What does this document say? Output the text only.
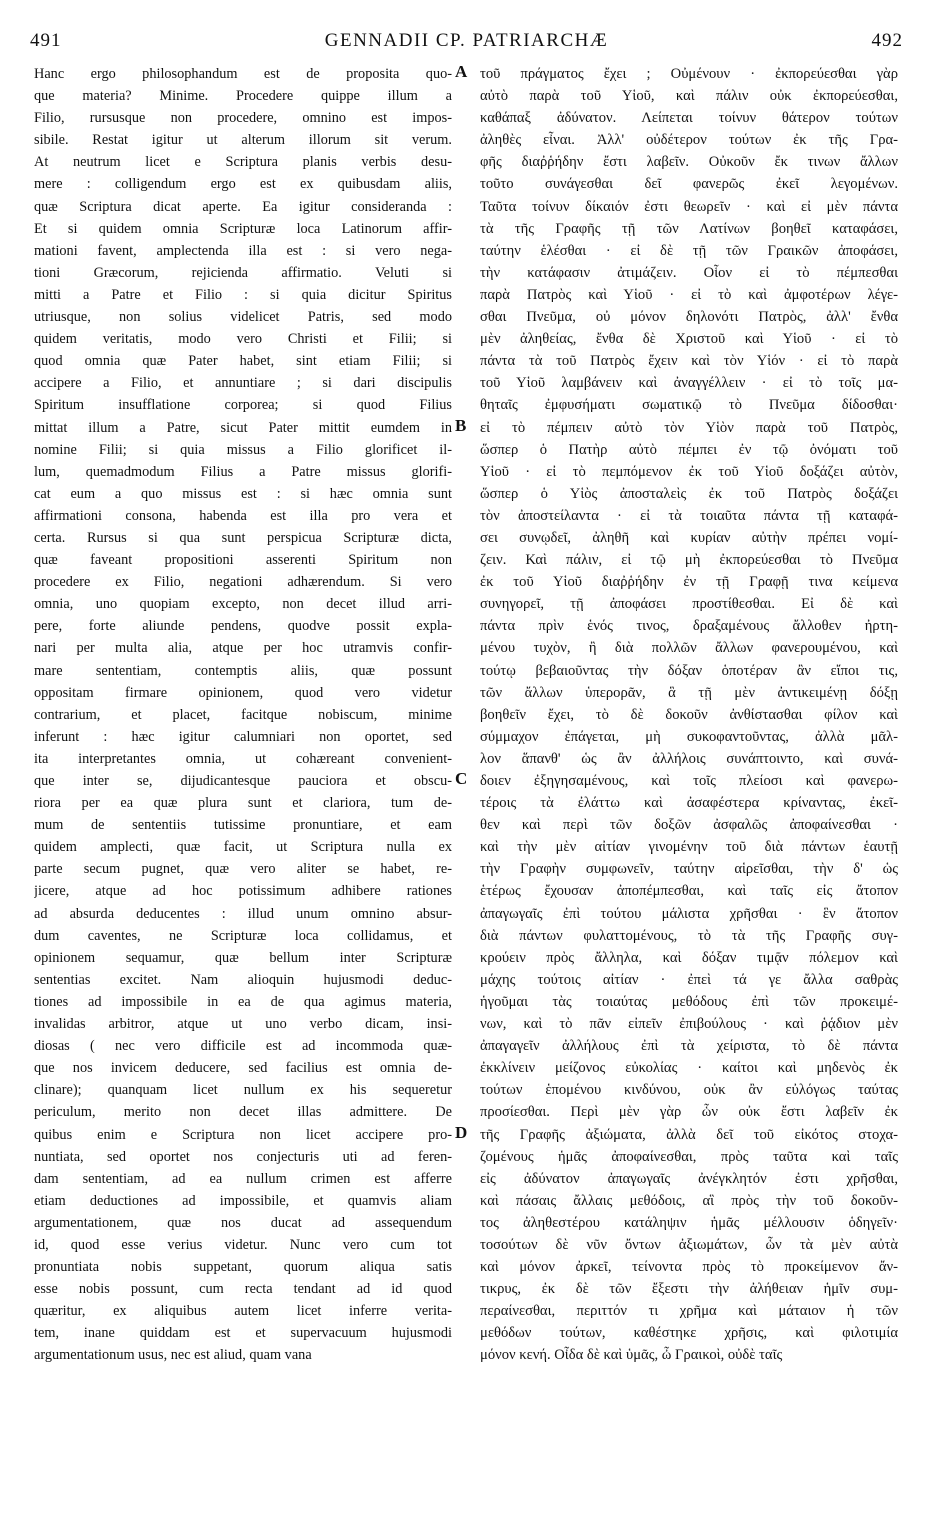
491	GENNADII CP. PATRIARCHÆ	492
Hanc ergo philosophandum est de proposita quo-
que materia? Minime. Procedere quippe illum a
Filio, rursusque non procedere, omnino est impos-
sibile. Restat igitur ut alterum illorum sit verum.
At neutrum licet e Scriptura planis verbis desu-
mere : colligendum ergo est ex quibusdam aliis,
quæ Scriptura dicat aperte. Ea igitur consideranda :
Et si quidem omnia Scripturæ loca Latinorum affir-
mationi favent, amplectenda illa est : si vero nega-
tioni Græcorum, rejicienda affirmatio. Veluti si
mitti a Patre et Filio : si quia dicitur Spiritus
utriusque, non solius videlicet Patris, sed modo
quidem veritatis, modo vero Christi et Filii; si
quod omnia quæ Pater habet, sint etiam Filii; si
accipere a Filio, et annuntiare ; si dari discipulis
Spiritum insufflatione corporea; si quod Filius
mittat illum a Patre, sicut Pater mittit eumdem in
nomine Filii; si quia missus a Filio glorificet il-
lum, quemadmodum Filius a Patre missus glorifi-
cat eum a quo missus est : si hæc omnia sunt
affirmationi consona, habenda est illa pro vera et
certa. Rursus si qua sunt perspicua Scripturæ dicta,
quæ faveant propositioni asserenti Spiritum non
procedere ex Filio, negationi adhærendum. Si vero
omnia, uno quopiam excepto, non decet illud arri-
pere, forte aliunde pendens, quodve possit expla-
nari per multa alia, atque per hoc utramvis confir-
mare sententiam, contemptis aliis, quæ possunt
oppositam firmare opinionem, quod vero videtur
contrarium, et placet, facitque nobiscum, minime
inferunt : hæc igitur calumniari non oportet, sed
ita interpretantes omnia, ut cohæreant convenient-
que inter se, dijudicantesque pauciora et obscu-
riora per ea quæ plura sunt et clariora, tum de-
mum de sententiis tutissime pronuntiare, et eam
quidem amplecti, quæ facit, ut Scriptura nulla ex
parte secum pugnet, quæ vero aliter se habet, re-
jicere, atque ad hoc potissimum adhibere rationes
ad absurda deducentes : illud unum omnino absur-
dum caventes, ne Scripturæ loca collidamus, et
opinionem sequamur, quæ bellum inter Scripturæ
sententias excitet. Nam alioquin hujusmodi deduc-
tiones ad impossibile in ea de qua agimus materia,
invalidas arbitror, atque ut uno verbo dicam, insi-
diosas ( nec vero difficile est ad incommoda quæ-
que nos invicem deducere, sed facilius est omnia de-
clinare); quanquam licet nullum ex his sequeretur
periculum, merito non decet illas admittere. De
quibus enim e Scriptura non licet accipere pro-
nuntiata, sed oportet nos conjecturis uti ad feren-
dam sententiam, ad ea nullum crimen est afferre
etiam deductiones ad impossibile, et quamvis aliam
argumentationem, quæ nos ducat ad assequendum
id, quod esse verius videtur. Nunc vero cum tot
pronuntiata nobis suppetant, quorum aliqua satis
esse nobis possunt, cum recta tendant ad id quod
quæritur, ex aliquibus autem licet inferre verita-
tem, inane quiddam est et supervacuum hujusmodi
argumentationum usus, nec est aliud, quam vana
A
B
C
D
τοῦ πράγματος ἔχει ; Οὐμένουν · ἐκπορεύεσθαι γὰρ
αὐτὸ παρὰ τοῦ Υἱοῦ, καὶ πάλιν οὐκ ἐκπορεύεσθαι,
καθάπαξ ἀδύνατον. Λείπεται τοίνυν θάτερον τούτων
ἀληθὲς εἶναι. Ἀλλ' οὐδέτερον τούτων ἐκ τῆς Γρα-
φῆς διαῤῥήδην ἔστι λαβεῖν. Οὐκοῦν ἔκ τινων ἄλλων
τοῦτο συνάγεσθαι δεῖ φανερῶς ἐκεῖ λεγομένων.
Ταῦτα τοίνυν δίκαιόν ἐστι θεωρεῖν · καὶ εἰ μὲν πάντα
τὰ τῆς Γραφῆς τῇ τῶν Λατίνων βοηθεῖ καταφάσει,
ταύτην ἑλέσθαι · εἰ δὲ τῇ τῶν Γραικῶν ἀποφάσει,
τὴν κατάφασιν ἀτιμάζειν. Οἷον εἰ τὸ πέμπεσθαι
παρὰ Πατρὸς καὶ Υἱοῦ · εἰ τὸ καὶ ἀμφοτέρων λέγε-
σθαι Πνεῦμα, οὐ μόνον δηλονότι Πατρὸς, ἀλλ' ἔνθα
μὲν ἀληθείας, ἔνθα δὲ Χριστοῦ καὶ Υἱοῦ · εἰ τὸ
πάντα τὰ τοῦ Πατρὸς ἔχειν καὶ τὸν Υἱόν · εἰ τὸ παρὰ
τοῦ Υἱοῦ λαμβάνειν καὶ ἀναγγέλλειν · εἰ τὸ τοῖς μα-
θηταῖς ἐμφυσήματι σωματικῷ τὸ Πνεῦμα δίδοσθαι·
εἰ τὸ πέμπειν αὐτὸ τὸν Υἱὸν παρὰ τοῦ Πατρὸς,
ὥσπερ ὁ Πατὴρ αὐτὸ πέμπει ἐν τῷ ὀνόματι τοῦ
Υἱοῦ · εἰ τὸ πεμπόμενον ἐκ τοῦ Υἱοῦ δοξάζει αὐτὸν,
ὥσπερ ὁ Υἱὸς ἀποσταλεὶς ἐκ τοῦ Πατρὸς δοξάζει
τὸν ἀποστείλαντα · εἰ τὰ τοιαῦτα πάντα τῇ καταφά-
σει συνῳδεῖ, ἀληθῆ καὶ κυρίαν αὐτὴν πρέπει νομί-
ζειν. Καὶ πάλιν, εἰ τῷ μὴ ἐκπορεύεσθαι τὸ Πνεῦμα
ἐκ τοῦ Υἱοῦ διαῤῥήδην ἐν τῇ Γραφῇ τινα κείμενα
συνηγορεῖ, τῇ ἀποφάσει προστίθεσθαι. Εἰ δὲ καὶ
πάντα πρὶν ἑνός τινος, δραξαμένους ἄλλοθεν ἠρτη-
μένου τυχὸν, ἢ διὰ πολλῶν ἄλλων φανερουμένου, καὶ
τούτῳ βεβαιοῦντας τὴν δόξαν ὁποτέραν ἂν εἴποι τις,
τῶν ἄλλων ὑπερορᾶν, ἃ τῇ μὲν ἀντικειμένῃ δόξῃ
βοηθεῖν ἔχει, τὸ δὲ δοκοῦν ἀνθίστασθαι φίλον καὶ
σύμμαχον ἐπάγεται, μὴ συκοφαντοῦντας, ἀλλὰ μᾶλ-
λον ἅπανθ' ὡς ἂν ἀλλήλοις συνάπτοιντο, καὶ συνά-
δοιεν ἐξηγησαμένους, καὶ τοῖς πλείοσι καὶ φανερω-
τέροις τὰ ἐλάττω καὶ ἀσαφέστερα κρίναντας, ἐκεῖ-
θεν καὶ περὶ τῶν δοξῶν ἀσφαλῶς ἀποφαίνεσθαι ·
καὶ τὴν μὲν αἰτίαν γινομένην τοῦ διὰ πάντων ἑαυτῇ
τὴν Γραφὴν συμφωνεῖν, ταύτην αἱρεῖσθαι, τὴν δ' ὡς
ἑτέρως ἔχουσαν ἀποπέμπεσθαι, καὶ ταῖς εἰς ἄτοπον
ἀπαγωγαῖς ἐπὶ τούτου μάλιστα χρῆσθαι · ἓν ἄτοπον
διὰ πάντων φυλαττομένους, τὸ τὰ τῆς Γραφῆς συγ-
κρούειν πρὸς ἄλληλα, καὶ δόξαν τιμᾷν πόλεμον καὶ
μάχης τούτοις αἰτίαν · ἐπεὶ τά γε ἄλλα σαθρὰς
ἡγοῦμαι τὰς τοιαύτας μεθόδους ἐπὶ τῶν προκειμέ-
νων, καὶ τὸ πᾶν εἰπεῖν ἐπιβούλους · καὶ ῥᾴδιον μὲν
ἀπαγαγεῖν ἀλλήλους ἐπὶ τὰ χείριστα, τὸ δὲ πάντα
ἐκκλίνειν μείζονος εὐκολίας · καίτοι καὶ μηδενὸς ἐκ
τούτων ἑπομένου κινδύνου, οὐκ ἂν εὐλόγως ταύτας
προσίεσθαι. Περὶ μὲν γὰρ ὧν οὐκ ἔστι λαβεῖν ἐκ
τῆς Γραφῆς ἀξιώματα, ἀλλὰ δεῖ τοῦ εἰκότος στοχα-
ζομένους ἡμᾶς ἀποφαίνεσθαι, πρὸς ταῦτα καὶ ταῖς
εἰς ἀδύνατον ἀπαγωγαῖς ἀνέγκλητόν ἐστι χρῆσθαι,
καὶ πάσαις ἄλλαις μεθόδοις, αἳ πρὸς τὴν τοῦ δοκοῦν-
τος ἀληθεστέρου κατάληψιν ἡμᾶς μέλλουσιν ὁδηγεῖν·
τοσούτων δὲ νῦν ὄντων ἀξιωμάτων, ὧν τὰ μὲν αὐτὰ
καὶ μόνον ἀρκεῖ, τείνοντα πρὸς τὸ προκείμενον ἄν-
τικρυς, ἐκ δὲ τῶν ἔξεστι τὴν ἀλήθειαν ἡμῖν συμ-
περαίνεσθαι, περιττόν τι χρῆμα καὶ μάταιον ἡ τῶν
μεθόδων τούτων, καθέστηκε χρῆσις, καὶ φιλοτιμία
μόνον κενή. Οἶδα δὲ καὶ ὑμᾶς, ὦ Γραικοὶ, οὐδὲ ταῖς
